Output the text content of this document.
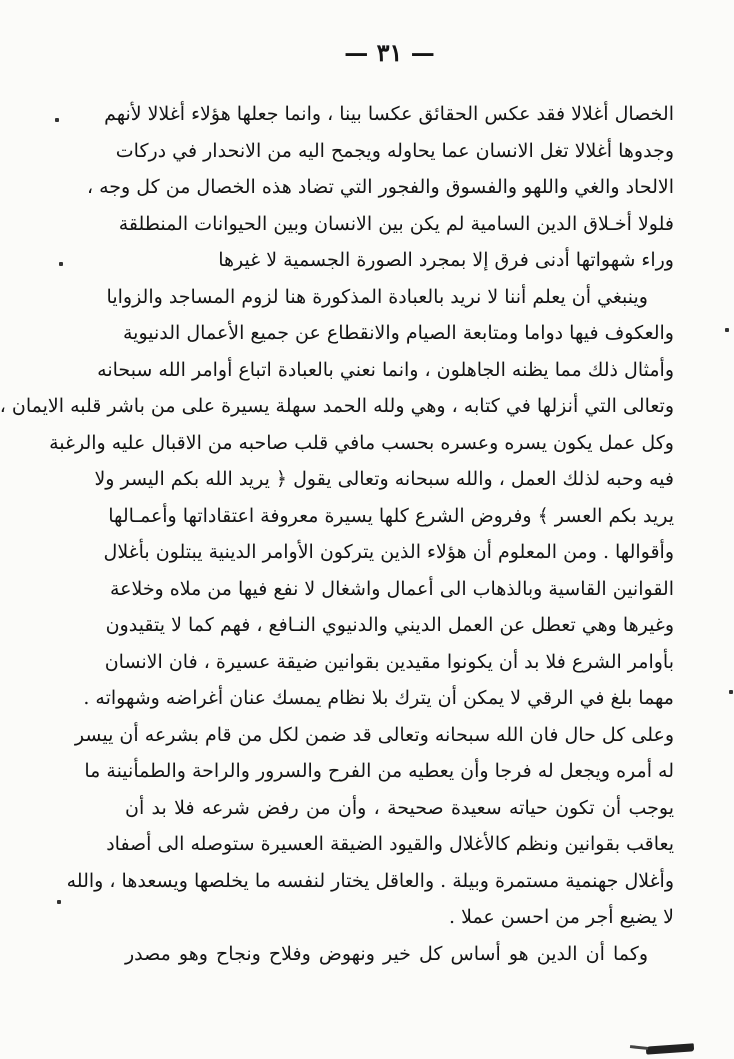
— ٣١ —
الخصال أغلالا فقد عكس الحقائق عكسا بينا ، وانما جعلها هؤلاء أغلالا لأنهم
وجدوها أغلالا تغل الانسان عما يحاوله ويجمح اليه من الانحدار في دركات
الالحاد والغي واللهو والفسوق والفجور التي تضاد هذه الخصال من كل وجه ،
فلولا أخـلاق الدين السامية لم يكن بين الانسان وبين الحيوانات المنطلقة
وراء شهواتها أدنى فرق إلا بمجرد الصورة الجسمية لا غيرها
وينبغي أن يعلم أننا لا نريد بالعبادة المذكورة هنا لزوم المساجد والزوايا
والعكوف فيها دواما ومتابعة الصيام والانقطاع عن جميع الأعمال الدنيوية
وأمثال ذلك مما يظنه الجاهلون ، وانما نعني بالعبادة اتباع أوامر الله سبحانه
وتعالى التي أنزلها في كتابه ، وهي ولله الحمد سهلة يسيرة على من باشر قلبه الايمان ،
وكل عمل يكون يسره وعسره بحسب مافي قلب صاحبه من الاقبال عليه والرغبة
فيه وحبه لذلك العمل ، والله سبحانه وتعالى يقول ﴿ يريد الله بكم اليسر ولا
يريد بكم العسر ﴾ وفروض الشرع كلها يسيرة معروفة اعتقاداتها وأعمـالها
وأقوالها . ومن المعلوم أن هؤلاء الذين يتركون الأوامر الدينية يبتلون بأغلال
القوانين القاسية وبالذهاب الى أعمال واشغال لا نفع فيها من ملاه وخلاعة
وغيرها وهي تعطل عن العمل الديني والدنيوي النـافع ، فهم كما لا يتقيدون
بأوامر الشرع فلا بد أن يكونوا مقيدين بقوانين ضيقة عسيرة ، فان الانسان
مهما بلغ في الرقي لا يمكن أن يترك بلا نظام يمسك عنان أغراضه وشهواته .
وعلى كل حال فان الله سبحانه وتعالى قد ضمن لكل من قام بشرعه أن ييسر
له أمره ويجعل له فرجا وأن يعطيه من الفرح والسرور والراحة والطمأنينة ما
يوجب أن تكون حياته سعيدة صحيحة ، وأن من رفض شرعه فلا بد أن
يعاقب بقوانين ونظم كالأغلال والقيود الضيقة العسيرة ستوصله الى أصفاد
وأغلال جهنمية مستمرة وبيلة . والعاقل يختار لنفسه ما يخلصها ويسعدها ، والله
لا يضيع أجر من احسن عملا .
وكما أن الدين هو أساس كل خير ونهوض وفلاح ونجاح وهو مصدر
